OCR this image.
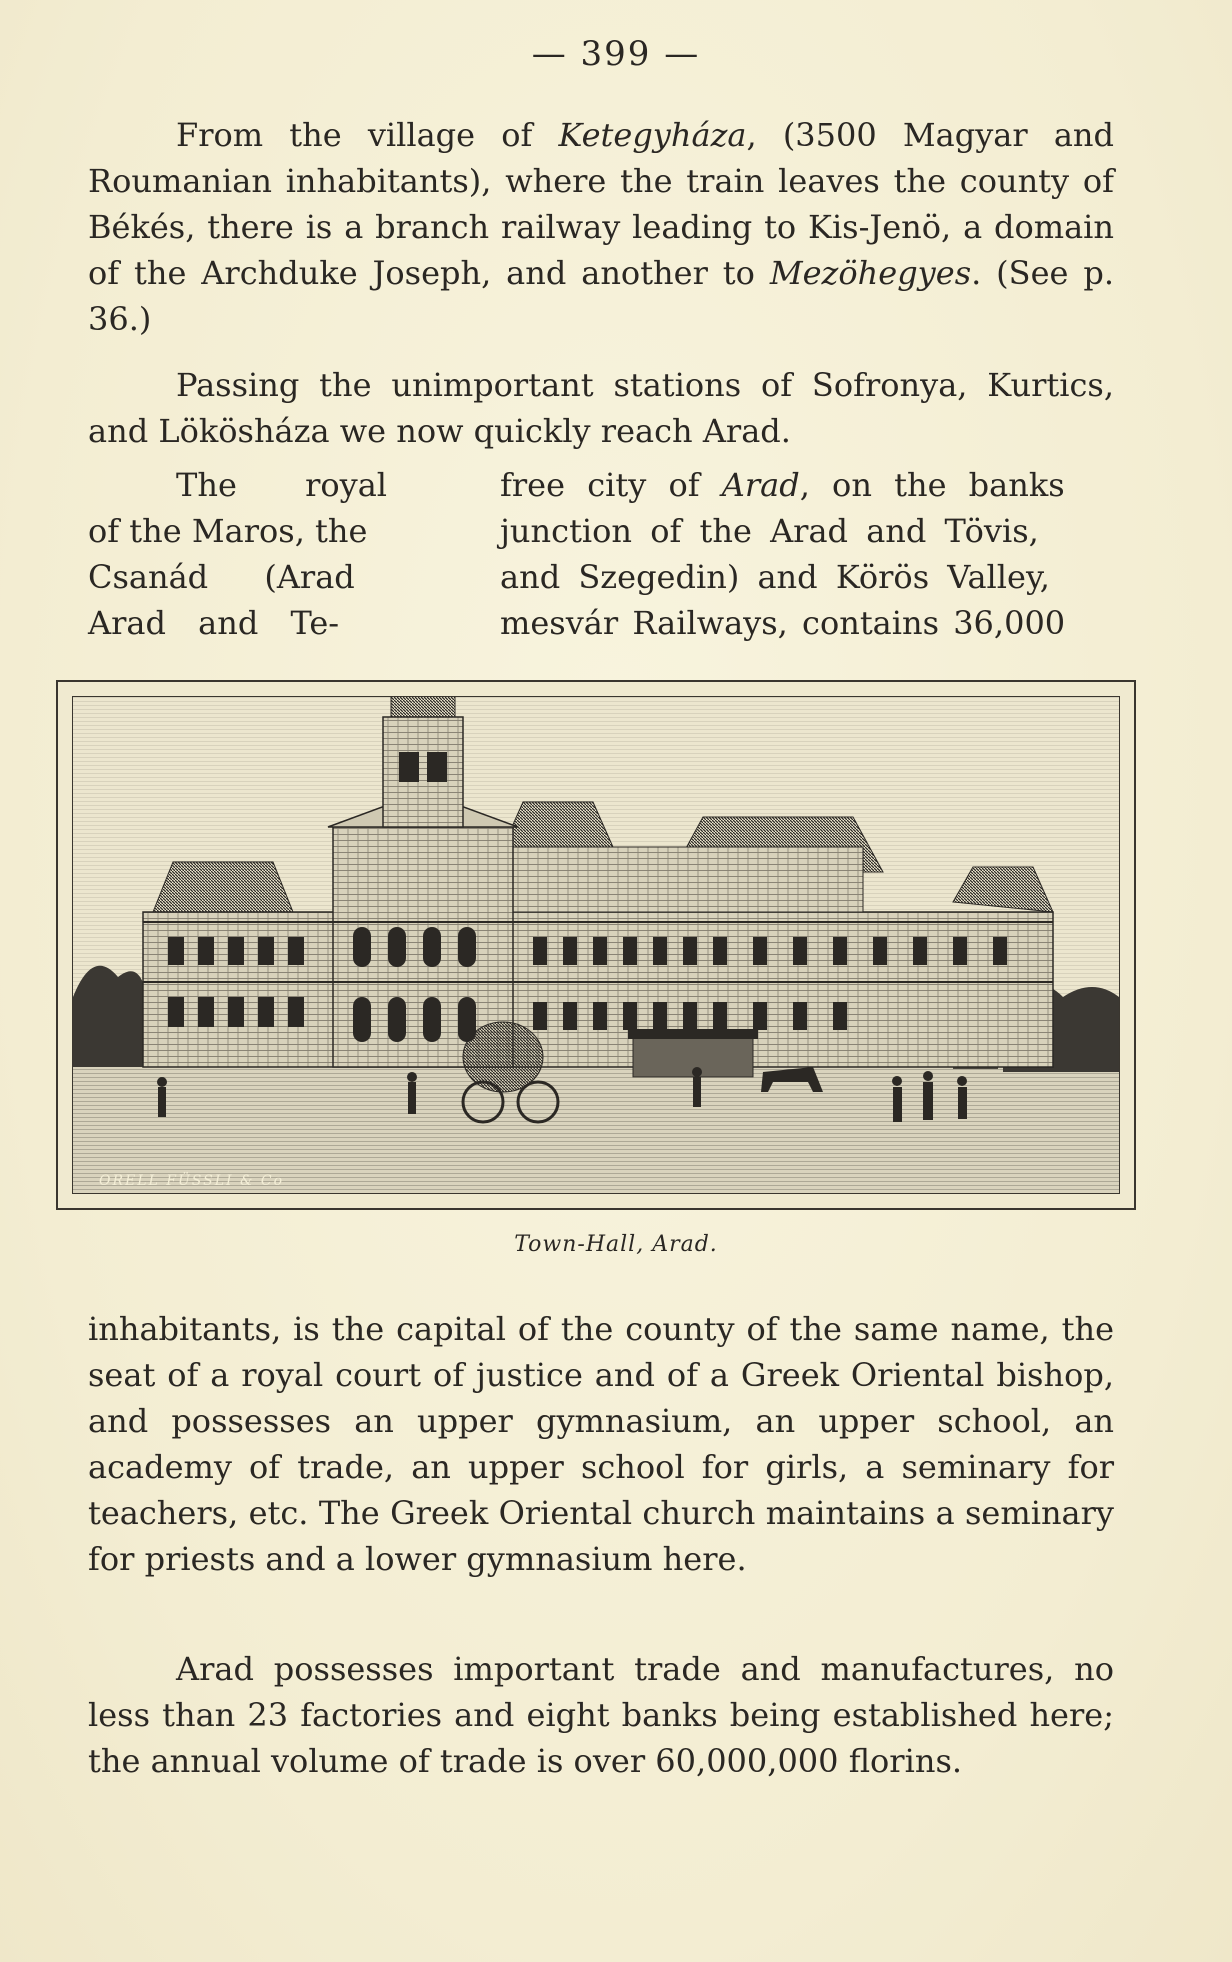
— 399 —

From the village of Ketegyháza, (3500 Magyar and Roumanian inhabitants), where the train leaves the county of Békés, there is a branch railway leading to Kis-Jenö, a domain of the Archduke Joseph, and another to Mezöhegyes. (See p. 36.)

Passing the unimportant stations of Sofronya, Kurtics, and Lökösháza we now quickly reach Arad.

The royal
of the Maros, the
Csanád (Arad
Arad and Te-
free city of Arad, on the banks
junction of the Arad and Tövis,
and Szegedin) and Körös Valley,
mesvár Railways, contains 36,000
ORELL FÜSSLI & Co
Town-Hall, Arad.

inhabitants, is the capital of the county of the same name, the seat of a royal court of justice and of a Greek Oriental bishop, and possesses an upper gymnasium, an upper school, an academy of trade, an upper school for girls, a seminary for teachers, etc. The Greek Oriental church maintains a seminary for priests and a lower gymnasium here.

Arad possesses important trade and manufactures, no less than 23 factories and eight banks being established here; the annual volume of trade is over 60,000,000 florins.
